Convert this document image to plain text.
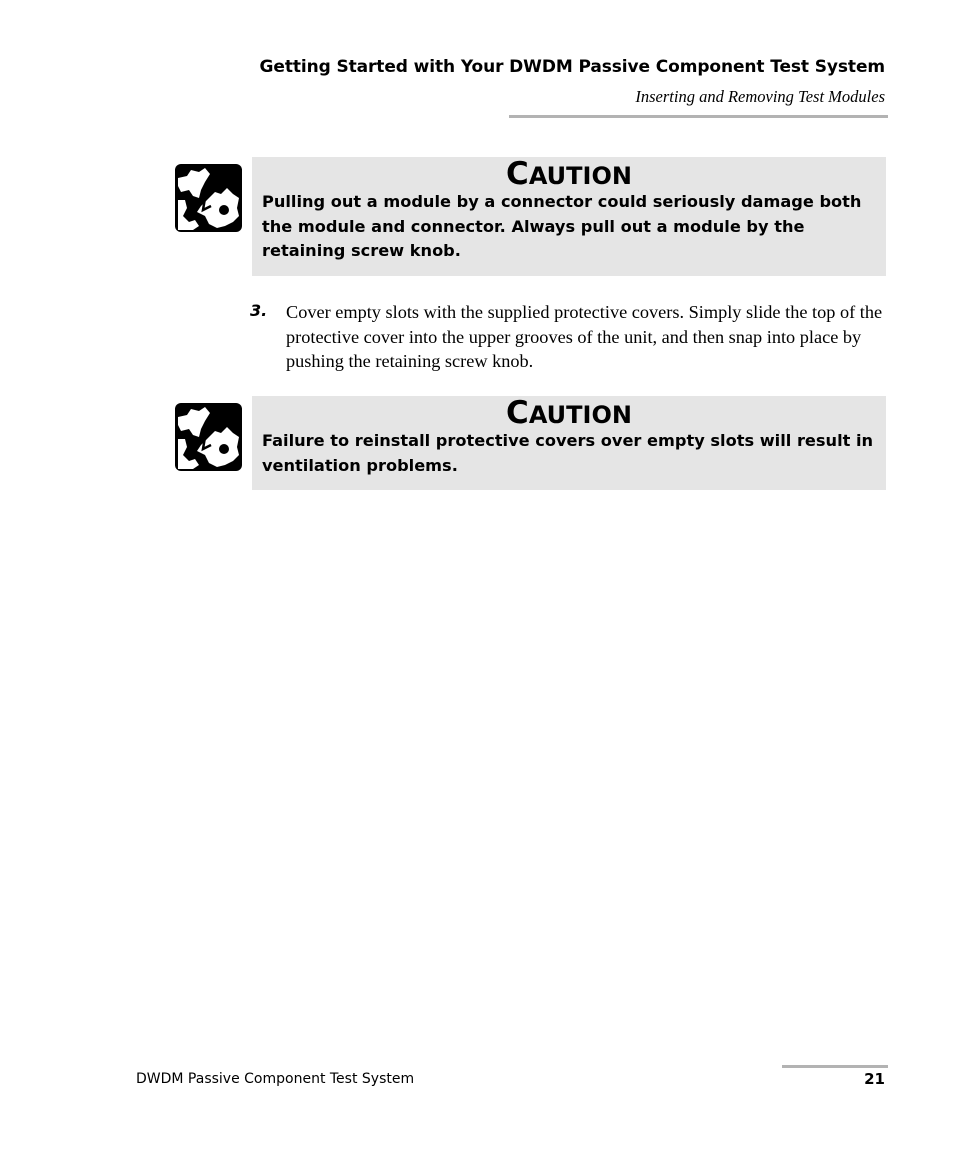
Getting Started with Your DWDM Passive Component Test System
Inserting and Removing Test Modules
CAUTION
Pulling out a module by a connector could seriously damage both the module and connector. Always pull out a module by the retaining screw knob.
3. Cover empty slots with the supplied protective covers. Simply slide the top of the protective cover into the upper grooves of the unit, and then snap into place by pushing the retaining screw knob.
CAUTION
Failure to reinstall protective covers over empty slots will result in ventilation problems.
DWDM Passive Component Test System	21
